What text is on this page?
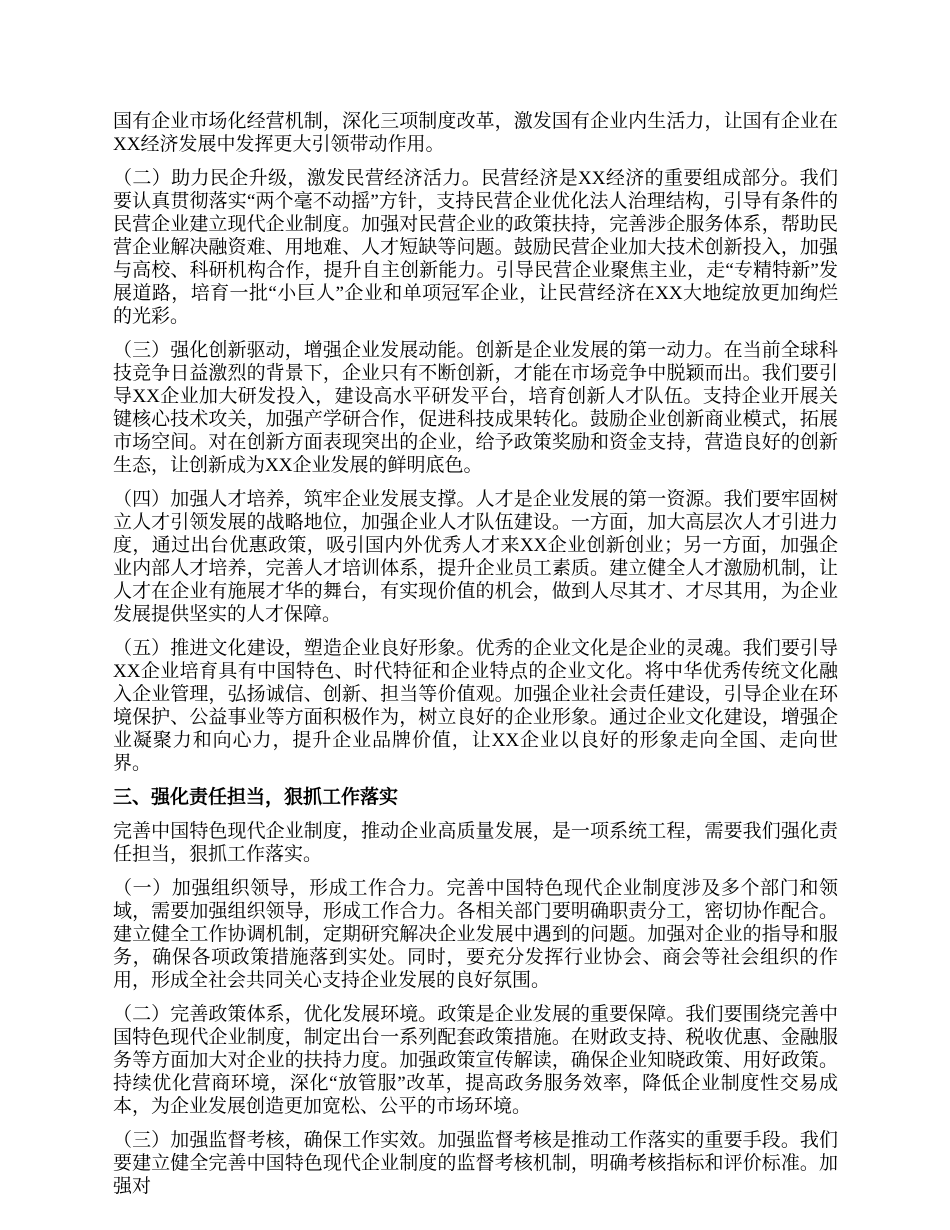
国有企业市场化经营机制，深化三项制度改革，激发国有企业内生活力，让国有企业在XX经济发展中发挥更大引领带动作用。

（二）助力民企升级，激发民营经济活力。民营经济是XX经济的重要组成部分。我们要认真贯彻落实“两个毫不动摇”方针，支持民营企业优化法人治理结构，引导有条件的民营企业建立现代企业制度。加强对民营企业的政策扶持，完善涉企服务体系，帮助民营企业解决融资难、用地难、人才短缺等问题。鼓励民营企业加大技术创新投入，加强与高校、科研机构合作，提升自主创新能力。引导民营企业聚焦主业，走“专精特新”发展道路，培育一批“小巨人”企业和单项冠军企业，让民营经济在XX大地绽放更加绚烂的光彩。

（三）强化创新驱动，增强企业发展动能。创新是企业发展的第一动力。在当前全球科技竞争日益激烈的背景下，企业只有不断创新，才能在市场竞争中脱颖而出。我们要引导XX企业加大研发投入，建设高水平研发平台，培育创新人才队伍。支持企业开展关键核心技术攻关，加强产学研合作，促进科技成果转化。鼓励企业创新商业模式，拓展市场空间。对在创新方面表现突出的企业，给予政策奖励和资金支持，营造良好的创新生态，让创新成为XX企业发展的鲜明底色。

（四）加强人才培养，筑牢企业发展支撑。人才是企业发展的第一资源。我们要牢固树立人才引领发展的战略地位，加强企业人才队伍建设。一方面，加大高层次人才引进力度，通过出台优惠政策，吸引国内外优秀人才来XX企业创新创业；另一方面，加强企业内部人才培养，完善人才培训体系，提升企业员工素质。建立健全人才激励机制，让人才在企业有施展才华的舞台，有实现价值的机会，做到人尽其才、才尽其用，为企业发展提供坚实的人才保障。

（五）推进文化建设，塑造企业良好形象。优秀的企业文化是企业的灵魂。我们要引导XX企业培育具有中国特色、时代特征和企业特点的企业文化。将中华优秀传统文化融入企业管理，弘扬诚信、创新、担当等价值观。加强企业社会责任建设，引导企业在环境保护、公益事业等方面积极作为，树立良好的企业形象。通过企业文化建设，增强企业凝聚力和向心力，提升企业品牌价值，让XX企业以良好的形象走向全国、走向世界。

三、强化责任担当，狠抓工作落实

完善中国特色现代企业制度，推动企业高质量发展，是一项系统工程，需要我们强化责任担当，狠抓工作落实。

（一）加强组织领导，形成工作合力。完善中国特色现代企业制度涉及多个部门和领域，需要加强组织领导，形成工作合力。各相关部门要明确职责分工，密切协作配合。建立健全工作协调机制，定期研究解决企业发展中遇到的问题。加强对企业的指导和服务，确保各项政策措施落到实处。同时，要充分发挥行业协会、商会等社会组织的作用，形成全社会共同关心支持企业发展的良好氛围。

（二）完善政策体系，优化发展环境。政策是企业发展的重要保障。我们要围绕完善中国特色现代企业制度，制定出台一系列配套政策措施。在财政支持、税收优惠、金融服务等方面加大对企业的扶持力度。加强政策宣传解读，确保企业知晓政策、用好政策。持续优化营商环境，深化“放管服”改革，提高政务服务效率，降低企业制度性交易成本，为企业发展创造更加宽松、公平的市场环境。

（三）加强监督考核，确保工作实效。加强监督考核是推动工作落实的重要手段。我们要建立健全完善中国特色现代企业制度的监督考核机制，明确考核指标和评价标准。加强对
